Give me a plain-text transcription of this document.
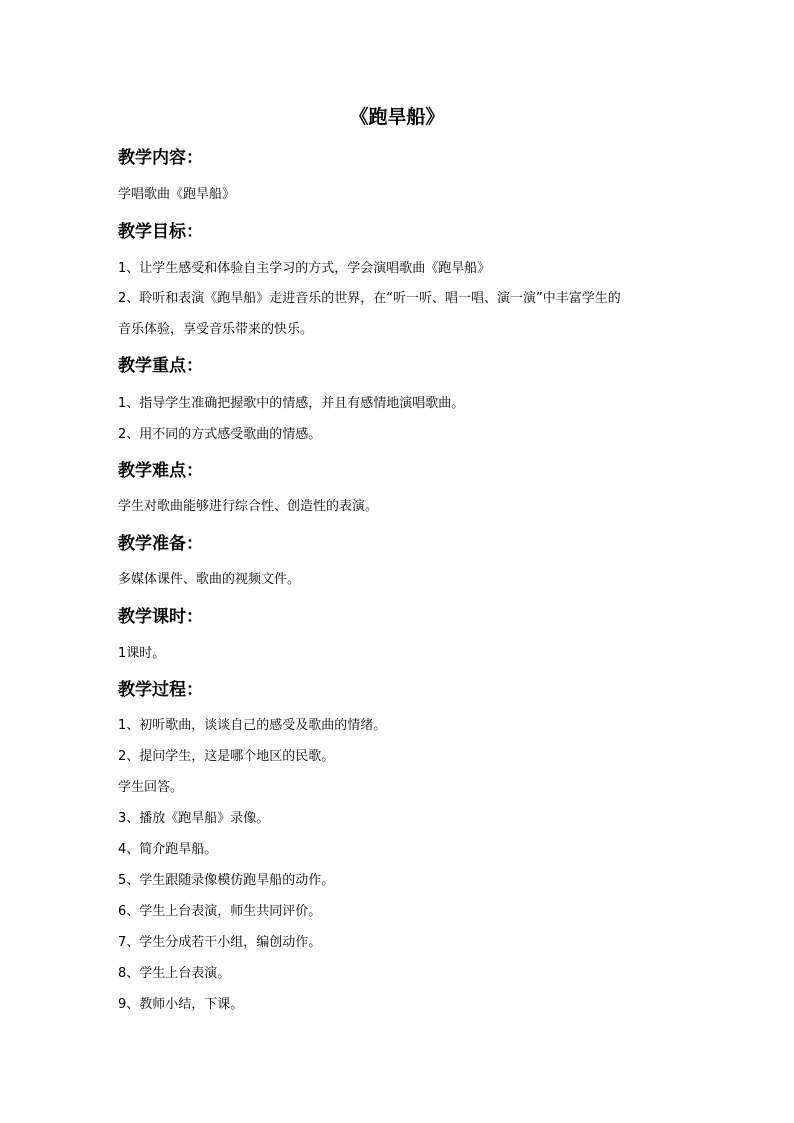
《跑旱船》
教学内容：
学唱歌曲《跑旱船》
教学目标：
1、让学生感受和体验自主学习的方式，学会演唱歌曲《跑旱船》
2、聆听和表演《跑旱船》走进音乐的世界，在“听一听、唱一唱、演一演”中丰富学生的
音乐体验，享受音乐带来的快乐。
教学重点：
1、指导学生准确把握歌中的情感，并且有感情地演唱歌曲。
2、用不同的方式感受歌曲的情感。
教学难点：
学生对歌曲能够进行综合性、创造性的表演。
教学准备：
多媒体课件、歌曲的视频文件。
教学课时：
1课时。
教学过程：
1、初听歌曲，谈谈自己的感受及歌曲的情绪。
2、提问学生，这是哪个地区的民歌。
学生回答。
3、播放《跑旱船》录像。
4、简介跑旱船。
5、学生跟随录像模仿跑旱船的动作。
6、学生上台表演，师生共同评价。
7、学生分成若干小组，编创动作。
8、学生上台表演。
9、教师小结，下课。
